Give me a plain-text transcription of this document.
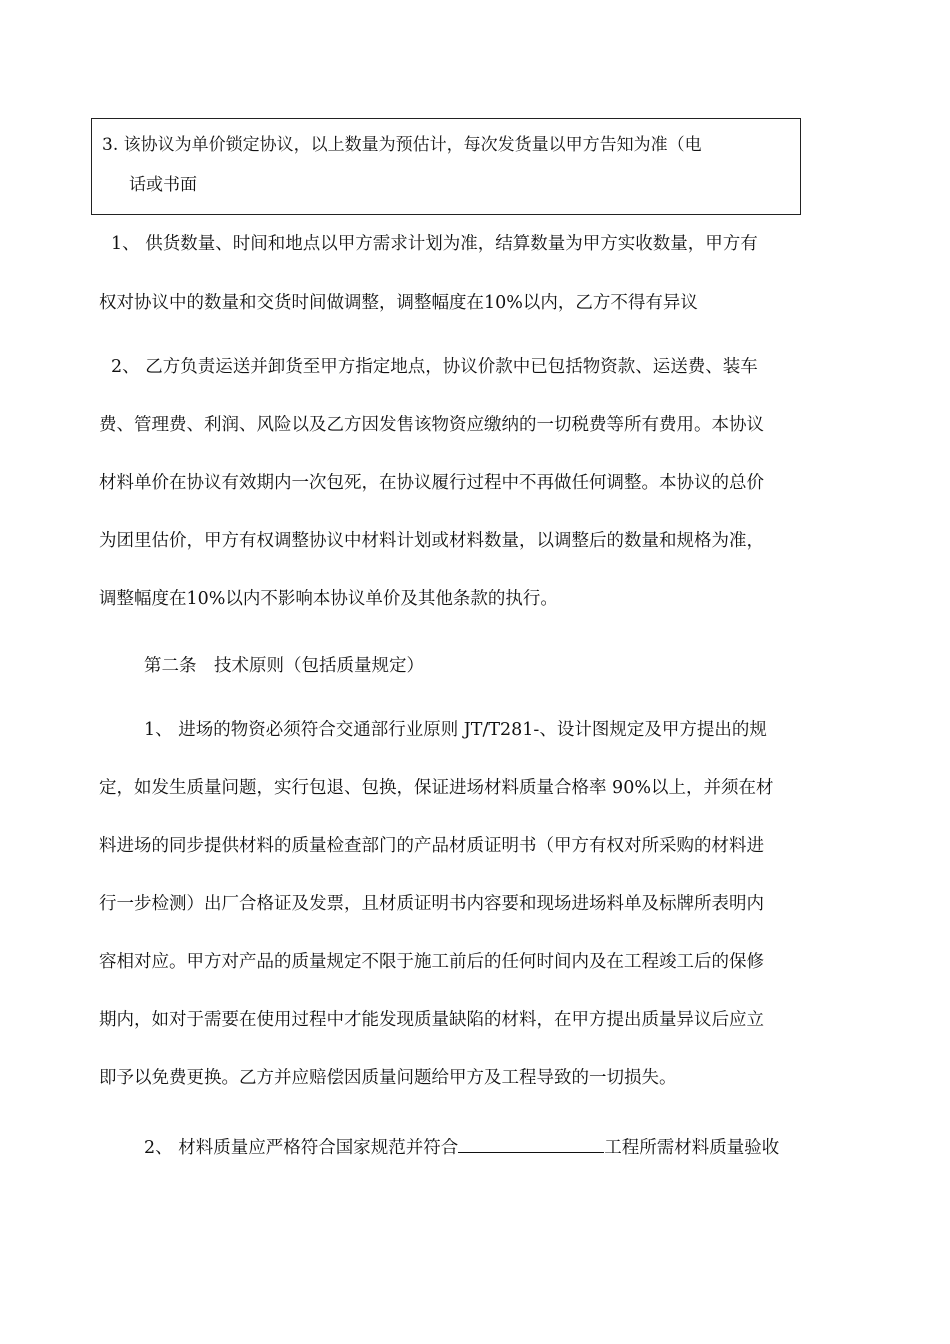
3. 该协议为单价锁定协议，以上数量为预估计，每次发货量以甲方告知为准（电
话或书面
1、 供货数量、时间和地点以甲方需求计划为准，结算数量为甲方实收数量，甲方有
权对协议中的数量和交货时间做调整，调整幅度在10%以内，乙方不得有异议
2、 乙方负责运送并卸货至甲方指定地点，协议价款中已包括物资款、运送费、装车
费、管理费、利润、风险以及乙方因发售该物资应缴纳的一切税费等所有费用。本协议
材料单价在协议有效期内一次包死，在协议履行过程中不再做任何调整。本协议的总价
为团里估价，甲方有权调整协议中材料计划或材料数量，以调整后的数量和规格为准，
调整幅度在10%以内不影响本协议单价及其他条款的执行。
第二条　技术原则（包括质量规定）
1、 进场的物资必须符合交通部行业原则 JT/T281-、设计图规定及甲方提出的规
定，如发生质量问题，实行包退、包换，保证进场材料质量合格率 90%以上，并须在材
料进场的同步提供材料的质量检查部门的产品材质证明书（甲方有权对所采购的材料进
行一步检测）出厂合格证及发票，且材质证明书内容要和现场进场料单及标牌所表明内
容相对应。甲方对产品的质量规定不限于施工前后的任何时间内及在工程竣工后的保修
期内，如对于需要在使用过程中才能发现质量缺陷的材料，在甲方提出质量异议后应立
即予以免费更换。乙方并应赔偿因质量问题给甲方及工程导致的一切损失。
2、 材料质量应严格符合国家规范并符合	工程所需材料质量验收
